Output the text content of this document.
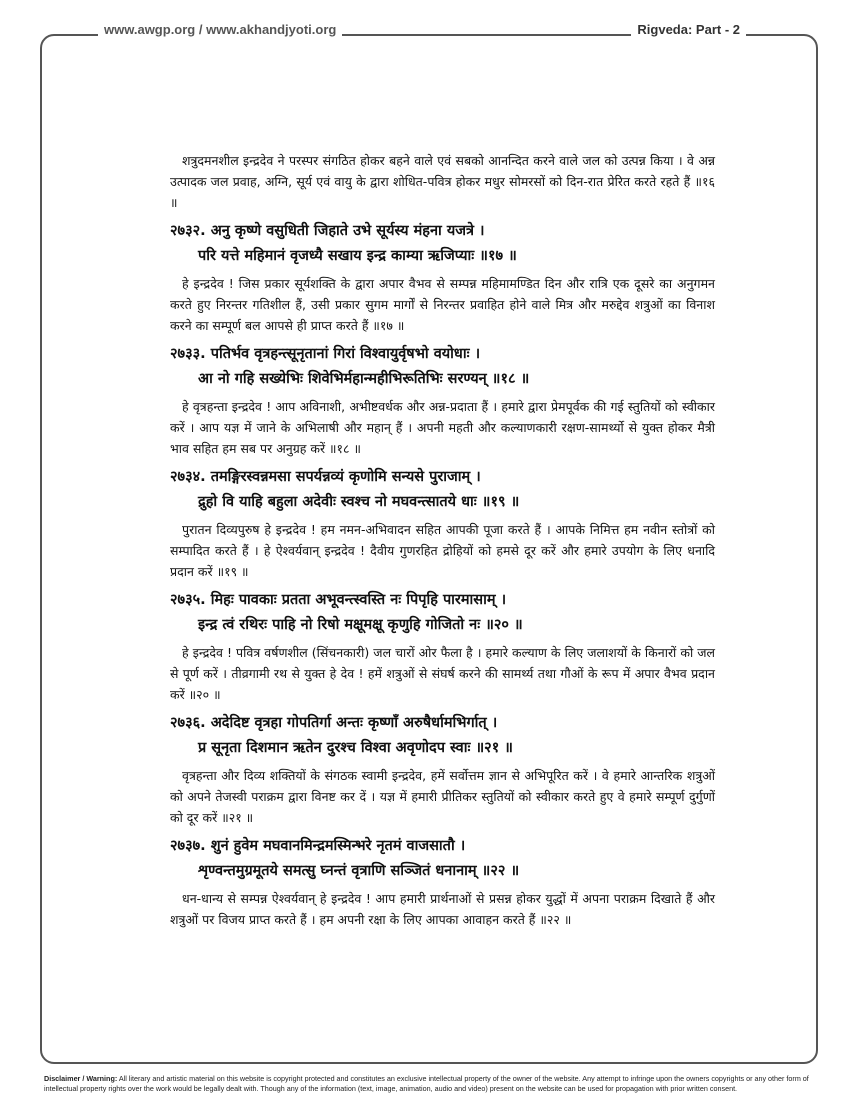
www.awgp.org / www.akhandjyoti.org	Rigveda: Part - 2

शत्रुदमनशील इन्द्रदेव ने परस्पर संगठित होकर बहने वाले एवं सबको आनन्दित करने वाले जल को उत्पन्न किया । वे अन्न उत्पादक जल प्रवाह, अग्नि, सूर्य एवं वायु के द्वारा शोधित-पवित्र होकर मधुर सोमरसों को दिन-रात प्रेरित करते रहते हैं ॥१६ ॥

२७३२. अनु कृष्णे वसुधिती जिहाते उभे सूर्यस्य मंहना यजत्रे ।

परि यत्ते महिमानं वृजध्यै सखाय इन्द्र काम्या ऋजिप्याः ॥१७ ॥

हे इन्द्रदेव ! जिस प्रकार सूर्यशक्ति के द्वारा अपार वैभव से सम्पन्न महिमामण्डित दिन और रात्रि एक दूसरे का अनुगमन करते हुए निरन्तर गतिशील हैं, उसी प्रकार सुगम मार्गों से निरन्तर प्रवाहित होने वाले मित्र और मरुद्देव शत्रुओं का विनाश करने का सम्पूर्ण बल आपसे ही प्राप्त करते हैं ॥१७ ॥

२७३३. पतिर्भव वृत्रहन्त्सूनृतानां गिरां विश्वायुर्वृषभो वयोधाः ।

आ नो गहि सख्येभिः शिवेभिर्महान्महीभिरूतिभिः सरण्यन् ॥१८ ॥

हे वृत्रहन्ता इन्द्रदेव ! आप अविनाशी, अभीष्टवर्धक और अन्न-प्रदाता हैं । हमारे द्वारा प्रेमपूर्वक की गई स्तुतियों को स्वीकार करें । आप यज्ञ में जाने के अभिलाषी और महान् हैं । अपनी महती और कल्याणकारी रक्षण-सामर्थ्यो से युक्त होकर मैत्री भाव सहित हम सब पर अनुग्रह करें ॥१८ ॥

२७३४. तमङ्गिरस्वन्नमसा सपर्यन्नव्यं कृणोमि सन्यसे पुराजाम् ।

द्रुहो वि याहि बहुला अदेवीः स्वश्च नो मघवन्त्सातये धाः ॥१९ ॥

पुरातन दिव्यपुरुष हे इन्द्रदेव ! हम नमन-अभिवादन सहित आपकी पूजा करते हैं । आपके निमित्त हम नवीन स्तोत्रों को सम्पादित करते हैं । हे ऐश्वर्यवान् इन्द्रदेव ! दैवीय गुणरहित द्रोहियों को हमसे दूर करें और हमारे उपयोग के लिए धनादि प्रदान करें ॥१९ ॥

२७३५. मिहः पावकाः प्रतता अभूवन्त्स्वस्ति नः पिपृहि पारमासाम् ।

इन्द्र त्वं रथिरः पाहि नो रिषो मक्षूमक्षू कृणुहि गोजितो नः ॥२० ॥

हे इन्द्रदेव ! पवित्र वर्षणशील (सिंचनकारी) जल चारों ओर फैला है । हमारे कल्याण के लिए जलाशयों के किनारों को जल से पूर्ण करें । तीव्रगामी रथ से युक्त हे देव ! हमें शत्रुओं से संघर्ष करने की सामर्थ्य तथा गौओं के रूप में अपार वैभव प्रदान करें ॥२० ॥

२७३६. अदेदिष्ट वृत्रहा गोपतिर्गा अन्तः कृष्णाँ अरुषैर्धामभिर्गात् ।

प्र सूनृता दिशमान ऋतेन दुरश्च विश्वा अवृणोदप स्वाः ॥२१ ॥

वृत्रहन्ता और दिव्य शक्तियों के संगठक स्वामी इन्द्रदेव, हमें सर्वोत्तम ज्ञान से अभिपूरित करें । वे हमारे आन्तरिक शत्रुओं को अपने तेजस्वी पराक्रम द्वारा विनष्ट कर दें । यज्ञ में हमारी प्रीतिकर स्तुतियों को स्वीकार करते हुए वे हमारे सम्पूर्ण दुर्गुणों को दूर करें ॥२१ ॥

२७३७. शुनं हुवेम मघवानमिन्द्रमस्मिन्भरे नृतमं वाजसातौ ।

शृण्वन्तमुग्रमूतये समत्सु घ्नन्तं वृत्राणि सञ्जितं धनानाम् ॥२२ ॥

धन-धान्य से सम्पन्न ऐश्वर्यवान् हे इन्द्रदेव ! आप हमारी प्रार्थनाओं से प्रसन्न होकर युद्धों में अपना पराक्रम दिखाते हैं और शत्रुओं पर विजय प्राप्त करते हैं । हम अपनी रक्षा के लिए आपका आवाहन करते हैं ॥२२ ॥

Disclaimer / Warning: All literary and artistic material on this website is copyright protected and constitutes an exclusive intellectual property of the owner of the website. Any attempt to infringe upon the owners copyrights or any other form of intellectual property rights over the work would be legally dealt with. Though any of the information (text, image, animation, audio and video) present on the website can be used for propagation with prior written consent.
